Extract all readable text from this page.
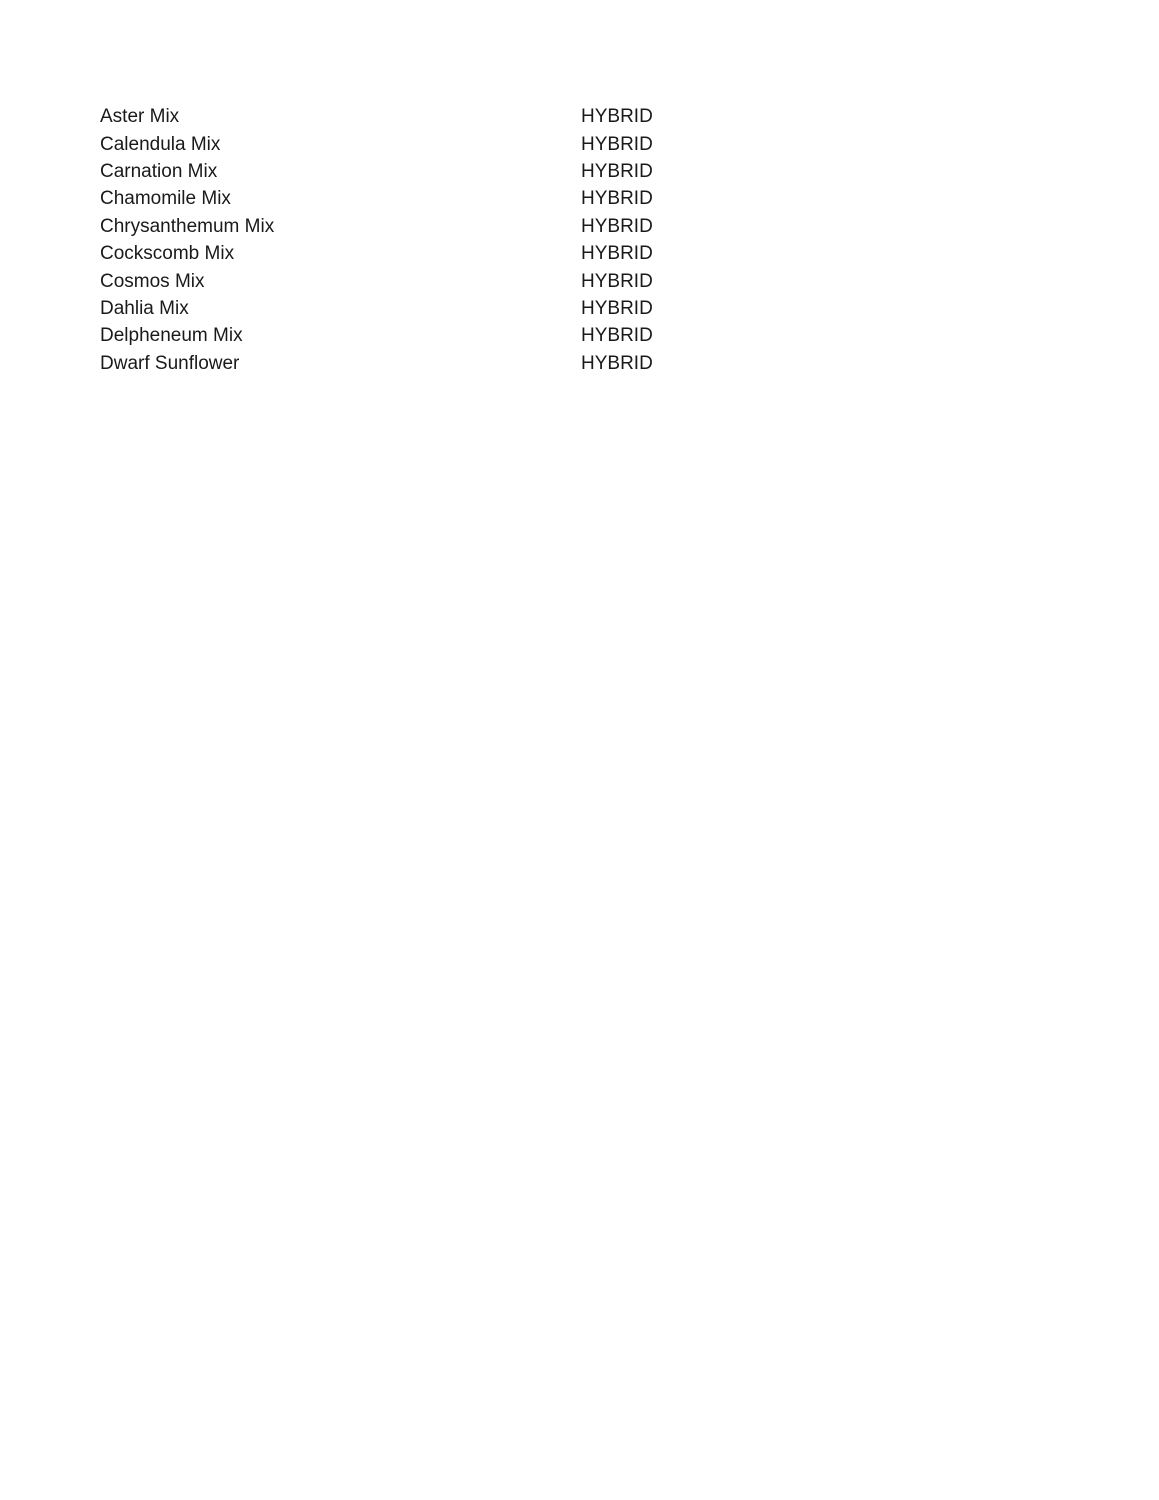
Aster Mix	HYBRID
Calendula Mix	HYBRID
Carnation Mix	HYBRID
Chamomile Mix	HYBRID
Chrysanthemum Mix	HYBRID
Cockscomb Mix	HYBRID
Cosmos Mix	HYBRID
Dahlia Mix	HYBRID
Delpheneum Mix	HYBRID
Dwarf Sunflower	HYBRID
